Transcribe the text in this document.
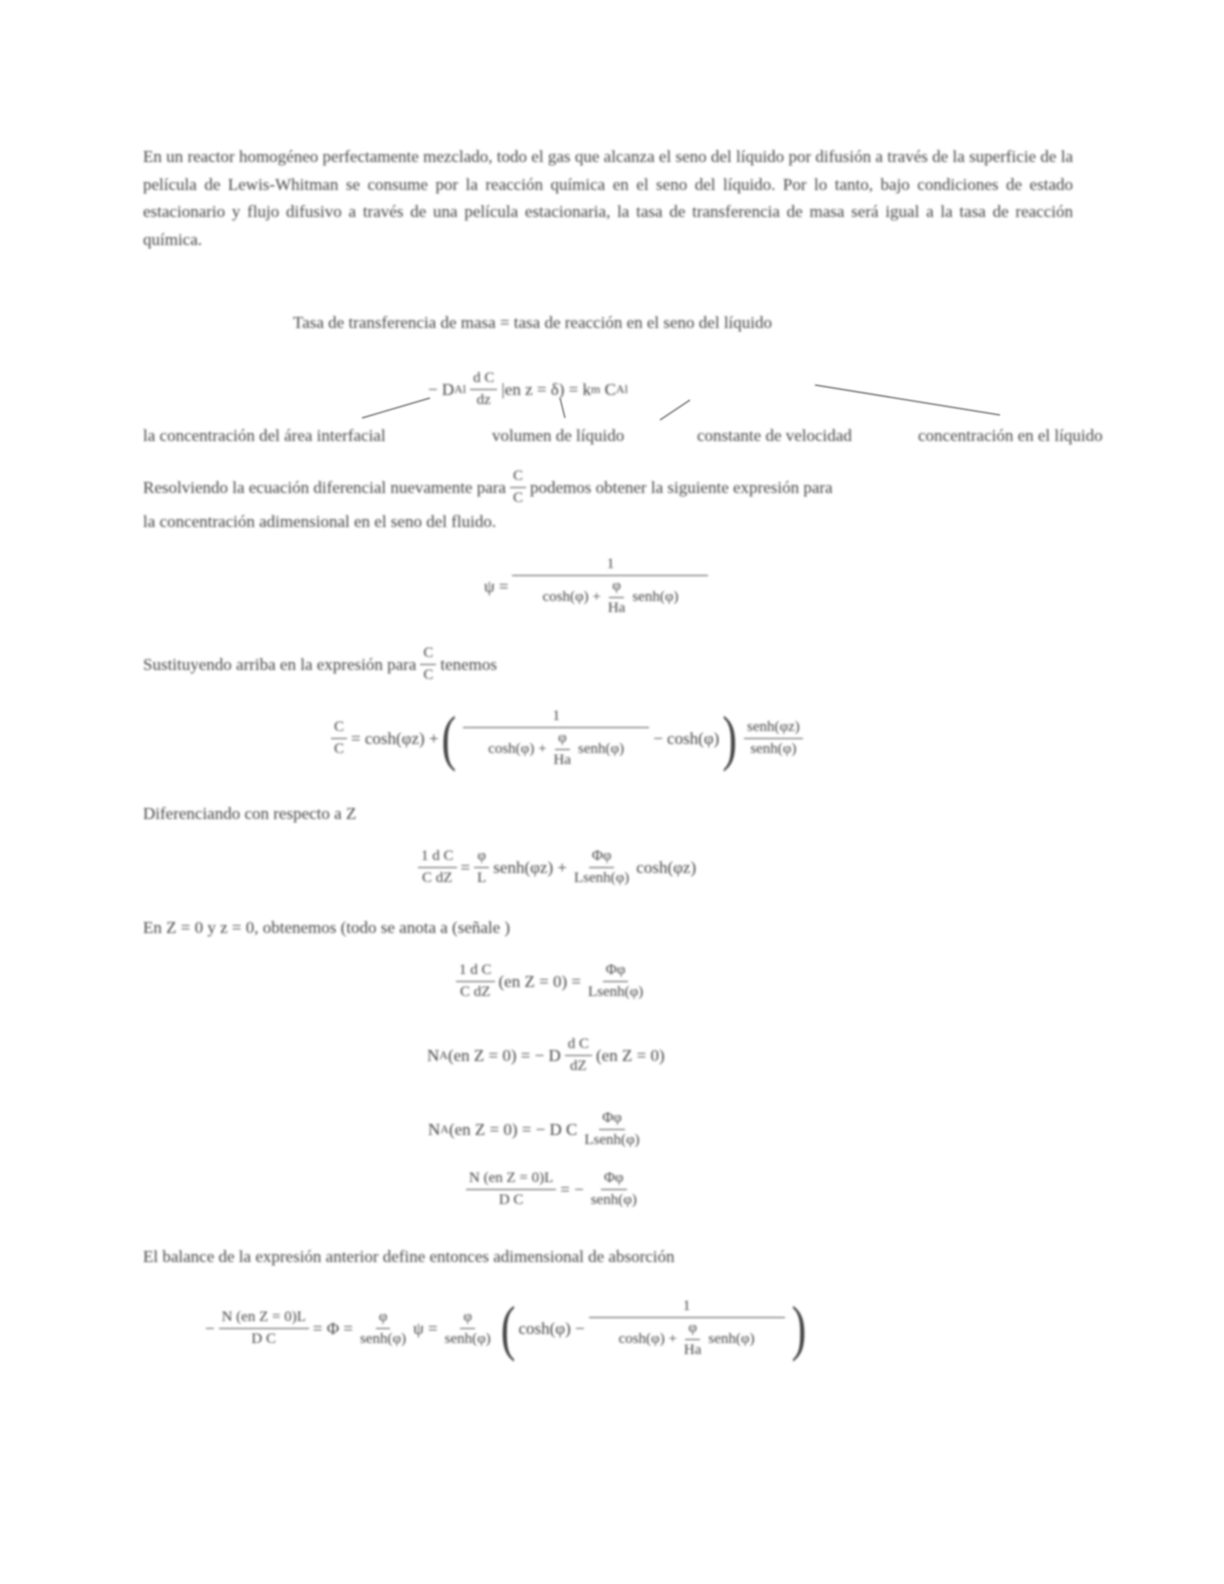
En un reactor homogéneo perfectamente mezclado, todo el gas que alcanza el seno del líquido por difusión a través de la superficie de la película de Lewis-Whitman se consume por la reacción química en el seno del líquido. Por lo tanto, bajo condiciones de estado estacionario y flujo difusivo a través de una película estacionaria, la tasa de transferencia de masa será igual a la tasa de reacción química.
Tasa de transferencia de masa = tasa de reacción en el seno del líquido
− D Al $\frac{\text{d C}}{dz} |en$ z = δ) =
k m
C Al
la concentración del área interfacial	volumen de líquido	constante de velocidad	concentración en el líquido
Resolviendo la ecuación diferencial nuevamente para $\frac{C}{C}$ podemos obtener la siguiente expresión para
la concentración adimensional en el seno del fluido.
$\psi = \frac{1}{\cosh(\varphi) + \frac{\varphi}{Ha} senh(\varphi)}$
Sustituyendo arriba en la expresión para $\frac{C}{C}$ tenemos
$\frac{C}{C} = \cosh(\varphi z)$ + ( $\frac{1}{\cosh(\varphi) + \frac{\varphi}{Ha} senh(\varphi)} - \cosh(\varphi)$ ) $\frac{\text{senh(φz)}}{\text{senh(φ)}}$
Diferenciando con respecto a Z
$\frac{\text{1 d C}}{\text{C dZ}} = \frac{\varphi}{L}$ senh(φz) + $\frac{\Phi\varphi}{\text{Lsenh(φ)}} \cosh(\varphi z)$
En Z = 0 y z = 0, obtenemos (todo se anota a (señale )
$\frac{\text{1 d C}}{\text{C dZ}} (en$ $Z = 0) = \frac{\Phi\varphi}{\text{Lsenh(φ)}}$
N A (en Z = 0) = − D $\frac{\text{d C}}{dZ} (en$ Z = 0)
N A (en Z = 0) = − D C $\frac{\Phi\varphi}{\text{Lsenh(φ)}}$
$\frac{\text{N (en Z = 0)L}}{\text{D C}}$ = − $\frac{\Phi\varphi}{\text{senh(φ)}}$
El balance de la expresión anterior define entonces adimensional de absorción
− $\frac{\text{N (en Z = 0)L}}{\text{D C}} = \Phi = \frac{\varphi}{\text{senh(φ)}}$ ψ
= $\frac{\varphi}{\text{senh(φ)}}$ ( $\cosh(\varphi) - \frac{1}{\cosh(\varphi) + \frac{\varphi}{Ha} senh(\varphi)}$ )
